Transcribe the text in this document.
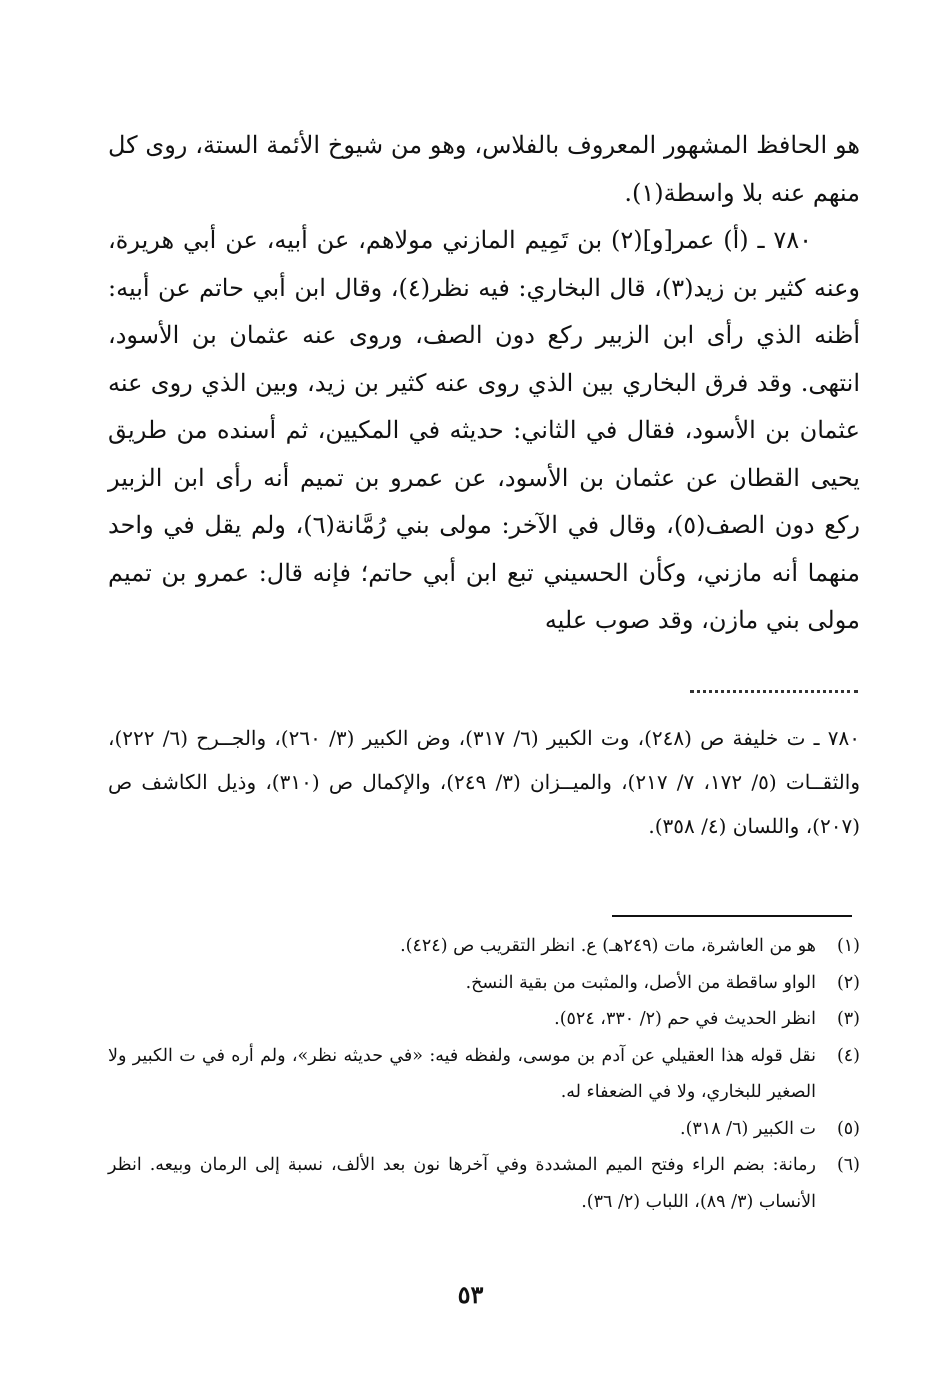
هو الحافظ المشهور المعروف بالفلاس، وهو من شيوخ الأئمة الستة، روى كل منهم عنه بلا واسطة(١).

٧٨٠ ـ (أ) عمر[و](٢) بن تَمِيم المازني مولاهم، عن أبيه، عن أبي هريرة، وعنه كثير بن زيد(٣)، قال البخاري: فيه نظر(٤)، وقال ابن أبي حاتم عن أبيه: أظنه الذي رأى ابن الزبير ركع دون الصف، وروى عنه عثمان بن الأسود، انتهى. وقد فرق البخاري بين الذي روى عنه كثير بن زيد، وبين الذي روى عنه عثمان بن الأسود، فقال في الثاني: حديثه في المكيين، ثم أسنده من طريق يحيى القطان عن عثمان بن الأسود، عن عمرو بن تميم أنه رأى ابن الزبير ركع دون الصف(٥)، وقال في الآخر: مولى بني رُمَّانة(٦)، ولم يقل في واحد منهما أنه مازني، وكأن الحسيني تبع ابن أبي حاتم؛ فإنه قال: عمرو بن تميم مولى بني مازن، وقد صوب عليه

٧٨٠ ـ ت خليفة ص (٢٤٨)، وت الكبير (٦/ ٣١٧)، وض الكبير (٣/ ٢٦٠)، والجــرح (٦/ ٢٢٢)، والثقــات (٥/ ١٧٢، ٧/ ٢١٧)، والميــزان (٣/ ٢٤٩)، والإكمال ص (٣١٠)، وذيل الكاشف ص (٢٠٧)، واللسان (٤/ ٣٥٨).
(١)
هو من العاشرة، مات (٢٤٩هـ) ع. انظر التقريب ص (٤٢٤).
(٢)
الواو ساقطة من الأصل، والمثبت من بقية النسخ.
(٣)
انظر الحديث في حم (٢/ ٣٣٠، ٥٢٤).
(٤)
نقل قوله هذا العقيلي عن آدم بن موسى، ولفظه فيه: «في حديثه نظر»، ولم أره في ت الكبير ولا الصغير للبخاري، ولا في الضعفاء له.
(٥)
ت الكبير (٦/ ٣١٨).
(٦)
رمانة: بضم الراء وفتح الميم المشددة وفي آخرها نون بعد الألف، نسبة إلى الرمان وبيعه. انظر الأنساب (٣/ ٨٩)، اللباب (٢/ ٣٦).
٥٣
